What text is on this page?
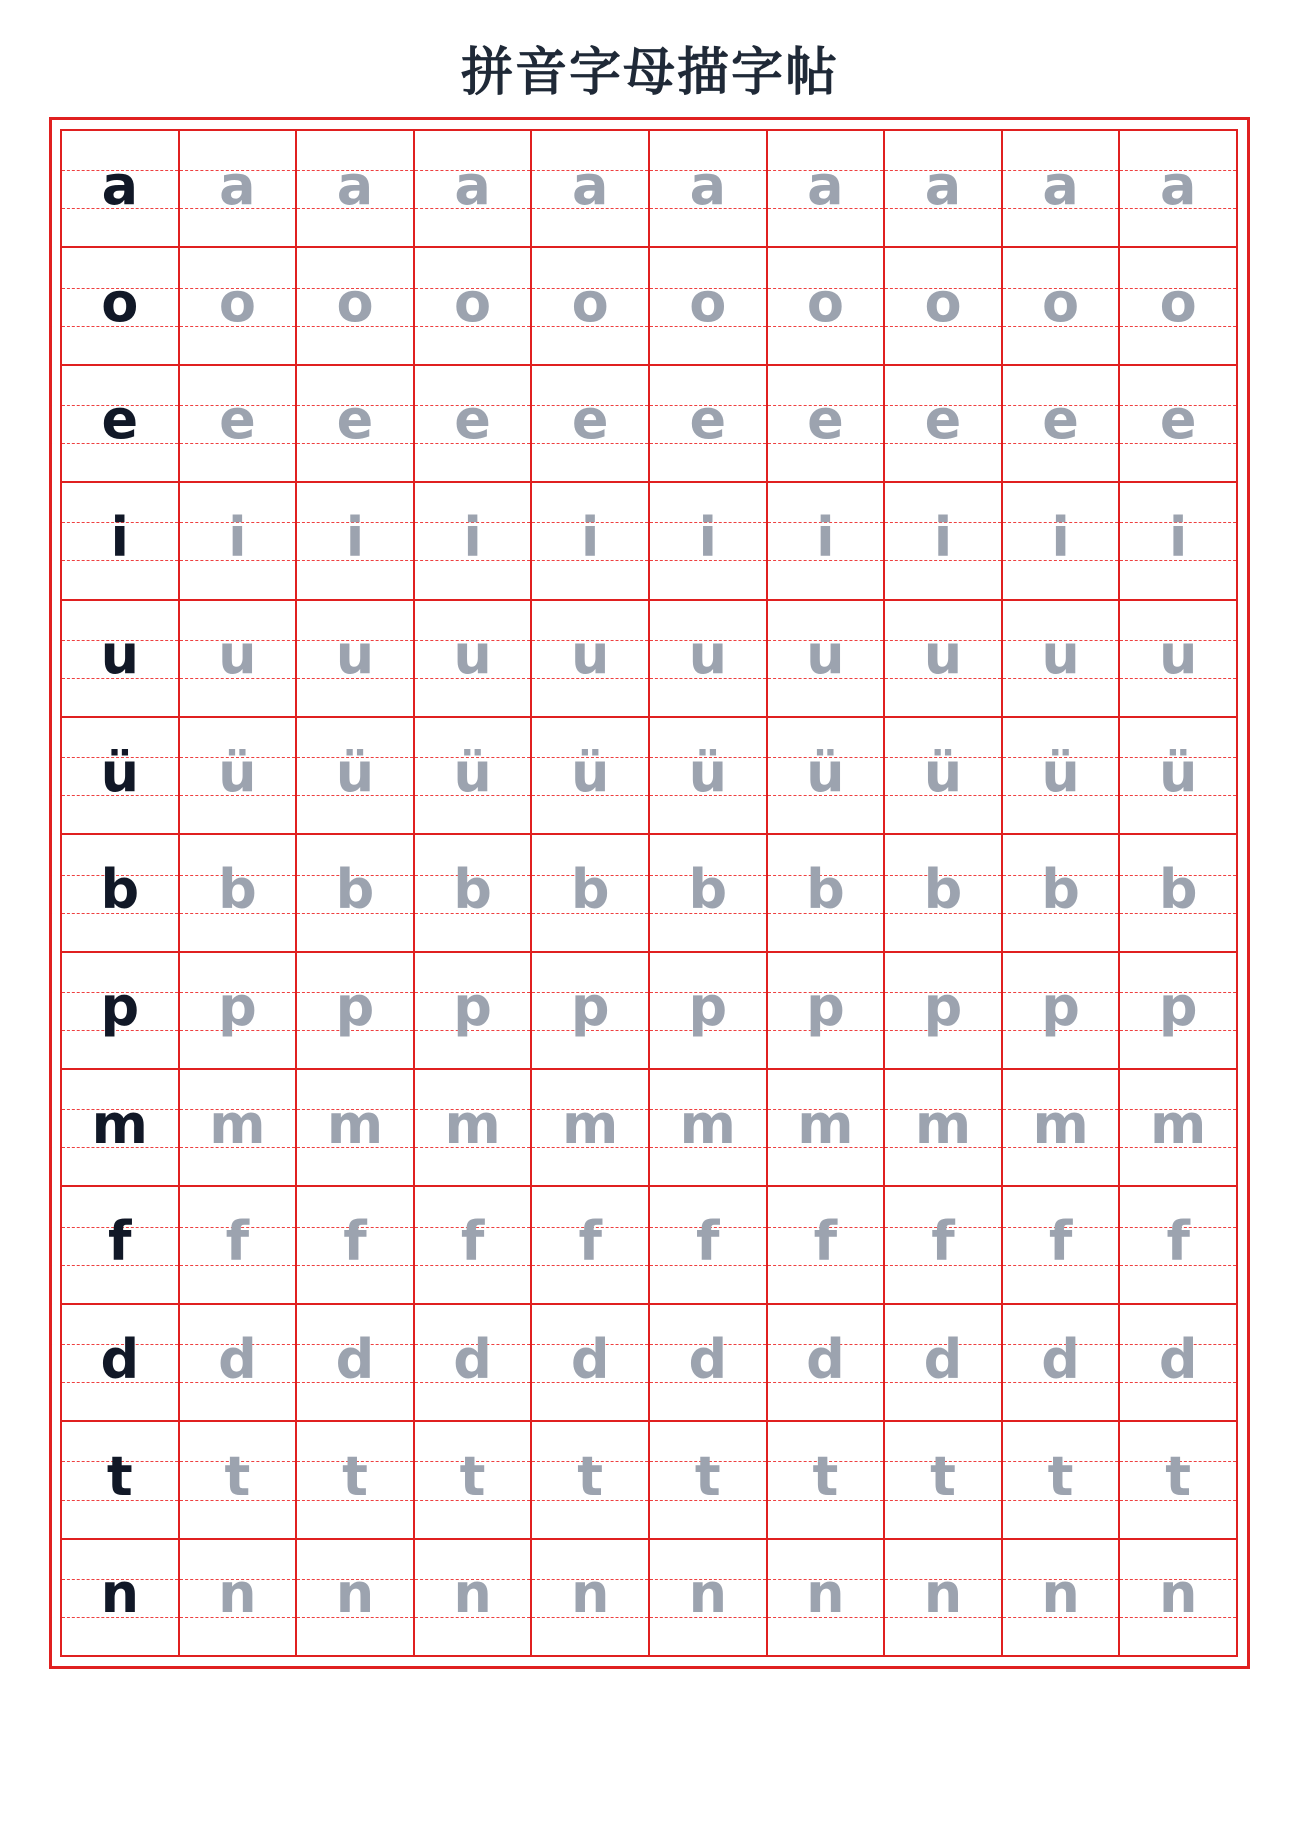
拼音字母描字帖
a	a	a	a	a	a	a	a	a	a
o	o	o	o	o	o	o	o	o	o
e	e	e	e	e	e	e	e	e	e
i	i	i	i	i	i	i	i	i	i
u	u	u	u	u	u	u	u	u	u
ü	ü	ü	ü	ü	ü	ü	ü	ü	ü
b	b	b	b	b	b	b	b	b	b
p	p	p	p	p	p	p	p	p	p
m	m	m	m	m	m	m	m	m	m
f	f	f	f	f	f	f	f	f	f
d	d	d	d	d	d	d	d	d	d
t	t	t	t	t	t	t	t	t	t
n	n	n	n	n	n	n	n	n	n
